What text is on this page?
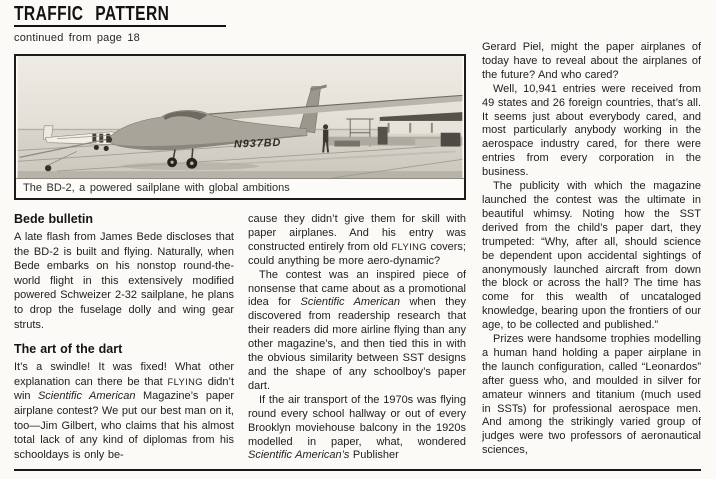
TRAFFIC PATTERN
continued from page 18
N937BD
The BD-2, a powered sailplane with global ambitions
Bede bulletin

A late flash from James Bede discloses that the BD-2 is built and flying. Naturally, when Bede embarks on his nonstop round-the-world flight in this extensively modified powered Schweizer 2-32 sailplane, he plans to drop the fuselage dolly and wing gear struts.

The art of the dart

It’s a swindle! It was fixed! What other explanation can there be that FLYING didn’t win Scientific American Magazine’s paper airplane contest? We put our best man on it, too—Jim Gilbert, who claims that his almost total lack of any kind of diplomas from his schooldays is only be-

cause they didn’t give them for skill with paper airplanes. And his entry was constructed entirely from old FLYING covers; could anything be more aero-dynamic?

The contest was an inspired piece of nonsense that came about as a promotional idea for Scientific American when they discovered from readership research that their readers did more airline flying than any other magazine’s, and then tied this in with the obvious similarity between SST designs and the shape of any schoolboy’s paper dart.

If the air transport of the 1970s was flying round every school hallway or out of every Brooklyn moviehouse balcony in the 1920s modelled in paper, what, wondered Scientific American’s Publisher

Gerard Piel, might the paper airplanes of today have to reveal about the airplanes of the future? And who cared?

Well, 10,941 entries were received from 49 states and 26 foreign countries, that’s all. It seems just about everybody cared, and most particularly anybody working in the aerospace industry cared, for there were entries from every corporation in the business.

The publicity with which the magazine launched the contest was the ultimate in beautiful whimsy. Noting how the SST derived from the child’s paper dart, they trumpeted: “Why, after all, should science be dependent upon accidental sightings of anonymously launched aircraft from down the block or across the hall? The time has come for this wealth of uncataloged knowledge, bearing upon the frontiers of our age, to be collected and published.”

Prizes were handsome trophies modelling a human hand holding a paper airplane in the launch configuration, called “Leonardos” after guess who, and moulded in silver for amateur winners and titanium (much used in SSTs) for professional aerospace men. And among the strikingly varied group of judges were two professors of aeronautical sciences,
